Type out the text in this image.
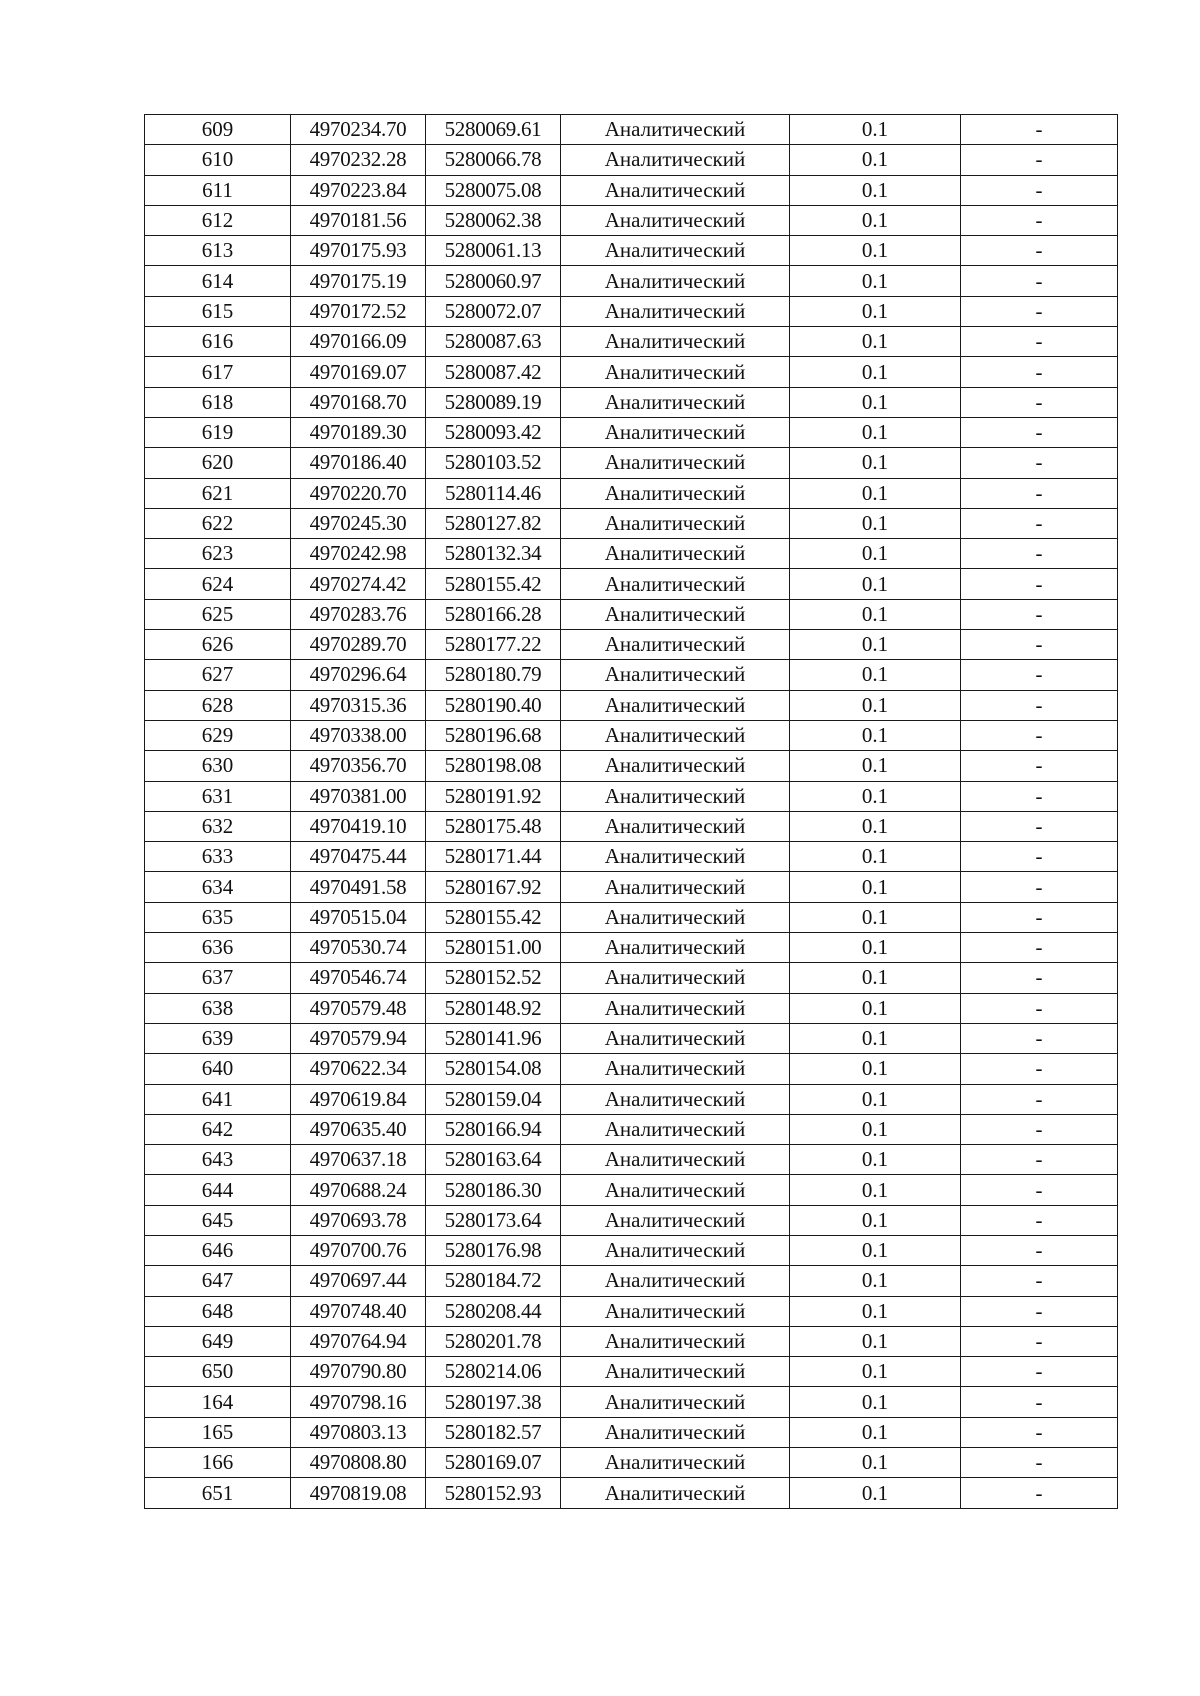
609	4970234.70	5280069.61	Аналитический	0.1	-
610	4970232.28	5280066.78	Аналитический	0.1	-
611	4970223.84	5280075.08	Аналитический	0.1	-
612	4970181.56	5280062.38	Аналитический	0.1	-
613	4970175.93	5280061.13	Аналитический	0.1	-
614	4970175.19	5280060.97	Аналитический	0.1	-
615	4970172.52	5280072.07	Аналитический	0.1	-
616	4970166.09	5280087.63	Аналитический	0.1	-
617	4970169.07	5280087.42	Аналитический	0.1	-
618	4970168.70	5280089.19	Аналитический	0.1	-
619	4970189.30	5280093.42	Аналитический	0.1	-
620	4970186.40	5280103.52	Аналитический	0.1	-
621	4970220.70	5280114.46	Аналитический	0.1	-
622	4970245.30	5280127.82	Аналитический	0.1	-
623	4970242.98	5280132.34	Аналитический	0.1	-
624	4970274.42	5280155.42	Аналитический	0.1	-
625	4970283.76	5280166.28	Аналитический	0.1	-
626	4970289.70	5280177.22	Аналитический	0.1	-
627	4970296.64	5280180.79	Аналитический	0.1	-
628	4970315.36	5280190.40	Аналитический	0.1	-
629	4970338.00	5280196.68	Аналитический	0.1	-
630	4970356.70	5280198.08	Аналитический	0.1	-
631	4970381.00	5280191.92	Аналитический	0.1	-
632	4970419.10	5280175.48	Аналитический	0.1	-
633	4970475.44	5280171.44	Аналитический	0.1	-
634	4970491.58	5280167.92	Аналитический	0.1	-
635	4970515.04	5280155.42	Аналитический	0.1	-
636	4970530.74	5280151.00	Аналитический	0.1	-
637	4970546.74	5280152.52	Аналитический	0.1	-
638	4970579.48	5280148.92	Аналитический	0.1	-
639	4970579.94	5280141.96	Аналитический	0.1	-
640	4970622.34	5280154.08	Аналитический	0.1	-
641	4970619.84	5280159.04	Аналитический	0.1	-
642	4970635.40	5280166.94	Аналитический	0.1	-
643	4970637.18	5280163.64	Аналитический	0.1	-
644	4970688.24	5280186.30	Аналитический	0.1	-
645	4970693.78	5280173.64	Аналитический	0.1	-
646	4970700.76	5280176.98	Аналитический	0.1	-
647	4970697.44	5280184.72	Аналитический	0.1	-
648	4970748.40	5280208.44	Аналитический	0.1	-
649	4970764.94	5280201.78	Аналитический	0.1	-
650	4970790.80	5280214.06	Аналитический	0.1	-
164	4970798.16	5280197.38	Аналитический	0.1	-
165	4970803.13	5280182.57	Аналитический	0.1	-
166	4970808.80	5280169.07	Аналитический	0.1	-
651	4970819.08	5280152.93	Аналитический	0.1	-
